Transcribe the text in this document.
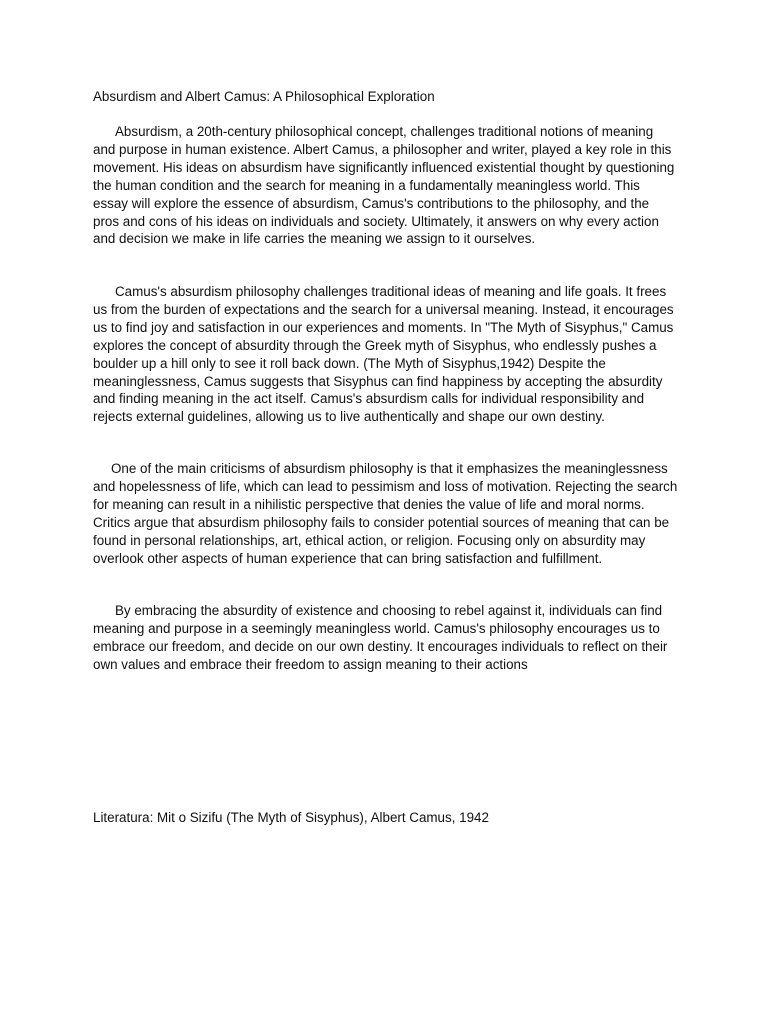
Absurdism and Albert Camus: A Philosophical Exploration

Absurdism, a 20th-century philosophical concept, challenges traditional notions of meaning and purpose in human existence. Albert Camus, a philosopher and writer, played a key role in this movement. His ideas on absurdism have significantly influenced existential thought by questioning the human condition and the search for meaning in a fundamentally meaningless world. This essay will explore the essence of absurdism, Camus's contributions to the philosophy, and the pros and cons of his ideas on individuals and society. Ultimately, it answers on why every action and decision we make in life carries the meaning we assign to it ourselves.

Camus's absurdism philosophy challenges traditional ideas of meaning and life goals. It frees us from the burden of expectations and the search for a universal meaning. Instead, it encourages us to find joy and satisfaction in our experiences and moments. In "The Myth of Sisyphus," Camus explores the concept of absurdity through the Greek myth of Sisyphus, who endlessly pushes a boulder up a hill only to see it roll back down. (The Myth of Sisyphus,1942) Despite the meaninglessness, Camus suggests that Sisyphus can find happiness by accepting the absurdity and finding meaning in the act itself. Camus's absurdism calls for individual responsibility and rejects external guidelines, allowing us to live authentically and shape our own destiny.

One of the main criticisms of absurdism philosophy is that it emphasizes the meaninglessness and hopelessness of life, which can lead to pessimism and loss of motivation. Rejecting the search for meaning can result in a nihilistic perspective that denies the value of life and moral norms. Critics argue that absurdism philosophy fails to consider potential sources of meaning that can be found in personal relationships, art, ethical action, or religion. Focusing only on absurdity may overlook other aspects of human experience that can bring satisfaction and fulfillment.

By embracing the absurdity of existence and choosing to rebel against it, individuals can find meaning and purpose in a seemingly meaningless world. Camus's philosophy encourages us to embrace our freedom, and decide on our own destiny. It encourages individuals to reflect on their own values and embrace their freedom to assign meaning to their actions

Literatura: Mit o Sizifu (The Myth of Sisyphus), Albert Camus, 1942
